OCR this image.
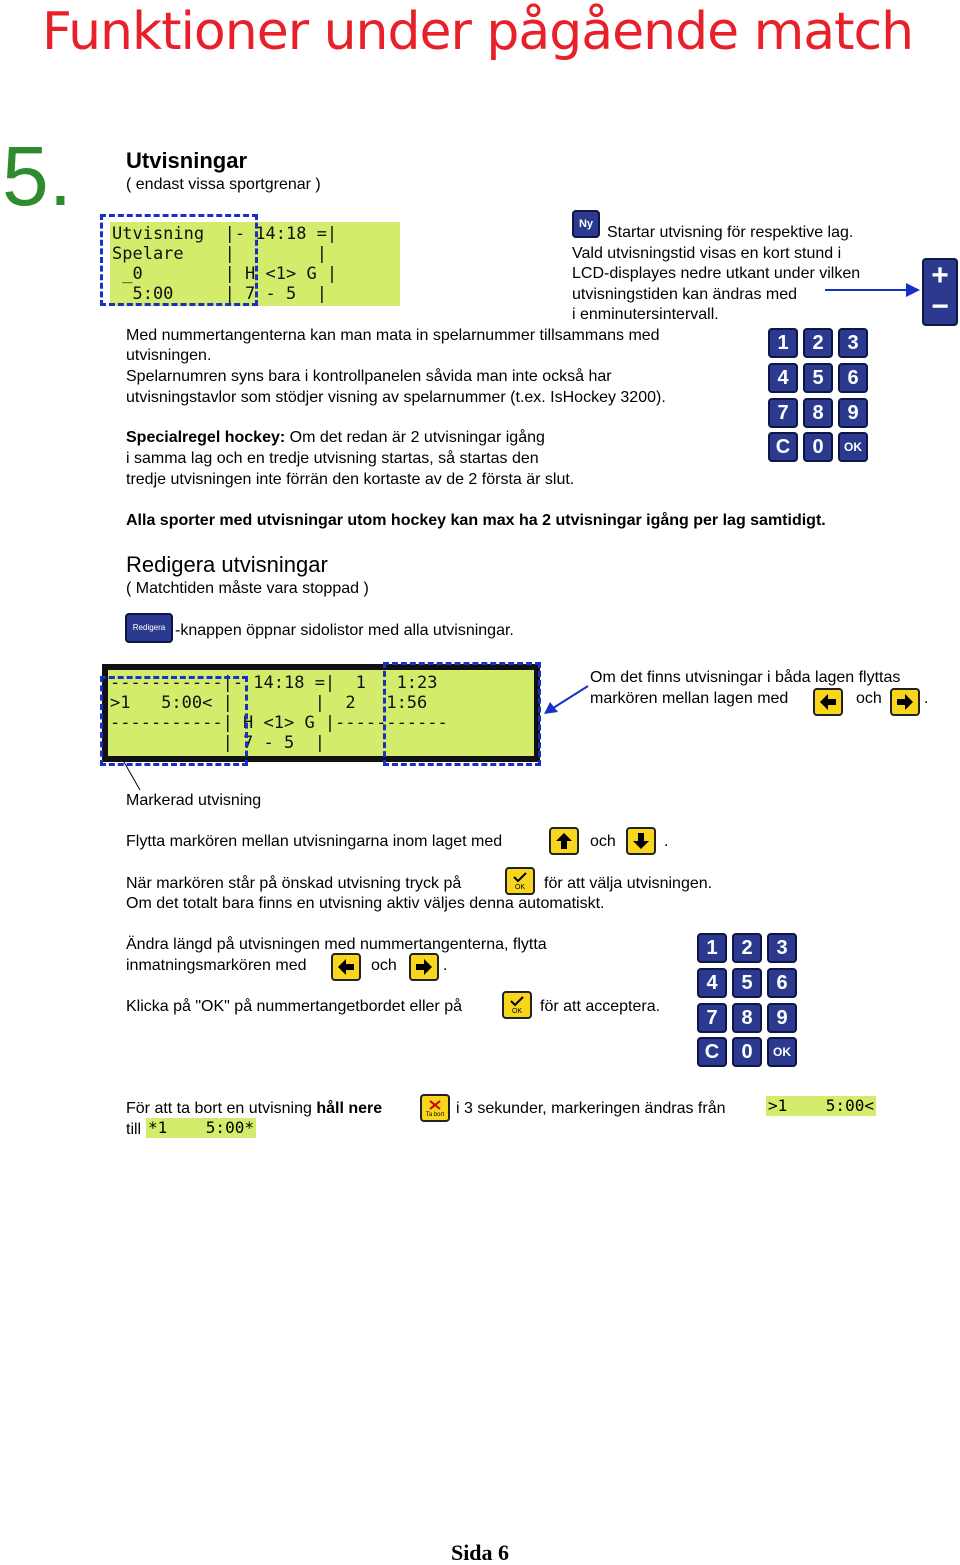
Funktioner under pågående match
5. Utvisningar
( endast vissa sportgrenar )
Utvisning  |- 14:18 =|
Spelare    |        |
_0        | H <1> G |
5:00     | 7 - 5  |
Ny Startar utvisning för respektive lag.
Vald utvisningstid visas en kort stund i
LCD-displayes nedre utkant under vilken
utvisningstiden kan ändras med
i enminutersintervall.
+
−
Med nummertangenterna kan man mata in spelarnummer tillsammans med
utvisningen.
Spelarnumren syns bara i kontrollpanelen såvida man inte också har
utvisningstavlor som stödjer visning av spelarnummer (t.ex. IsHockey 3200).
Specialregel hockey: Om det redan är 2 utvisningar igång
i samma lag och en tredje utvisning startas, så startas den
tredje utvisningen inte förrän den kortaste av de 2 första är slut.
1	2	3
4	5	6
7	8	9
C	0	OK
Alla sporter med utvisningar utom hockey kan max ha 2 utvisningar igång per lag samtidigt.
Redigera utvisningar
( Matchtiden måste vara stoppad )
Redigera -knappen öppnar sidolistor med alla utvisningar.
-----------|- 14:18 =|  1   1:23
>1   5:00< |        |  2   1:56
-----------| H <1> G |-----------
| 7 - 5  |
Om det finns utvisningar i båda lagen flyttas
markören mellan lagen med	och	.
Markerad utvisning
Flytta markören mellan utvisningarna inom laget med	och	.
När markören står på önskad utvisning tryck på	OK för att välja utvisningen.
Om det totalt bara finns en utvisning aktiv väljes denna automatiskt.
Ändra längd på utvisningen med nummertangenterna, flytta
inmatningsmarkören med	och	.
Klicka på "OK" på nummertangetbordet eller på	OK för att acceptera.
1	2	3
4	5	6
7	8	9
C	0	OK
För att ta bort en utvisning håll nere	Ta bort i 3 sekunder, markeringen ändras från	>1    5:00<
till *1    5:00*
Sida 6
